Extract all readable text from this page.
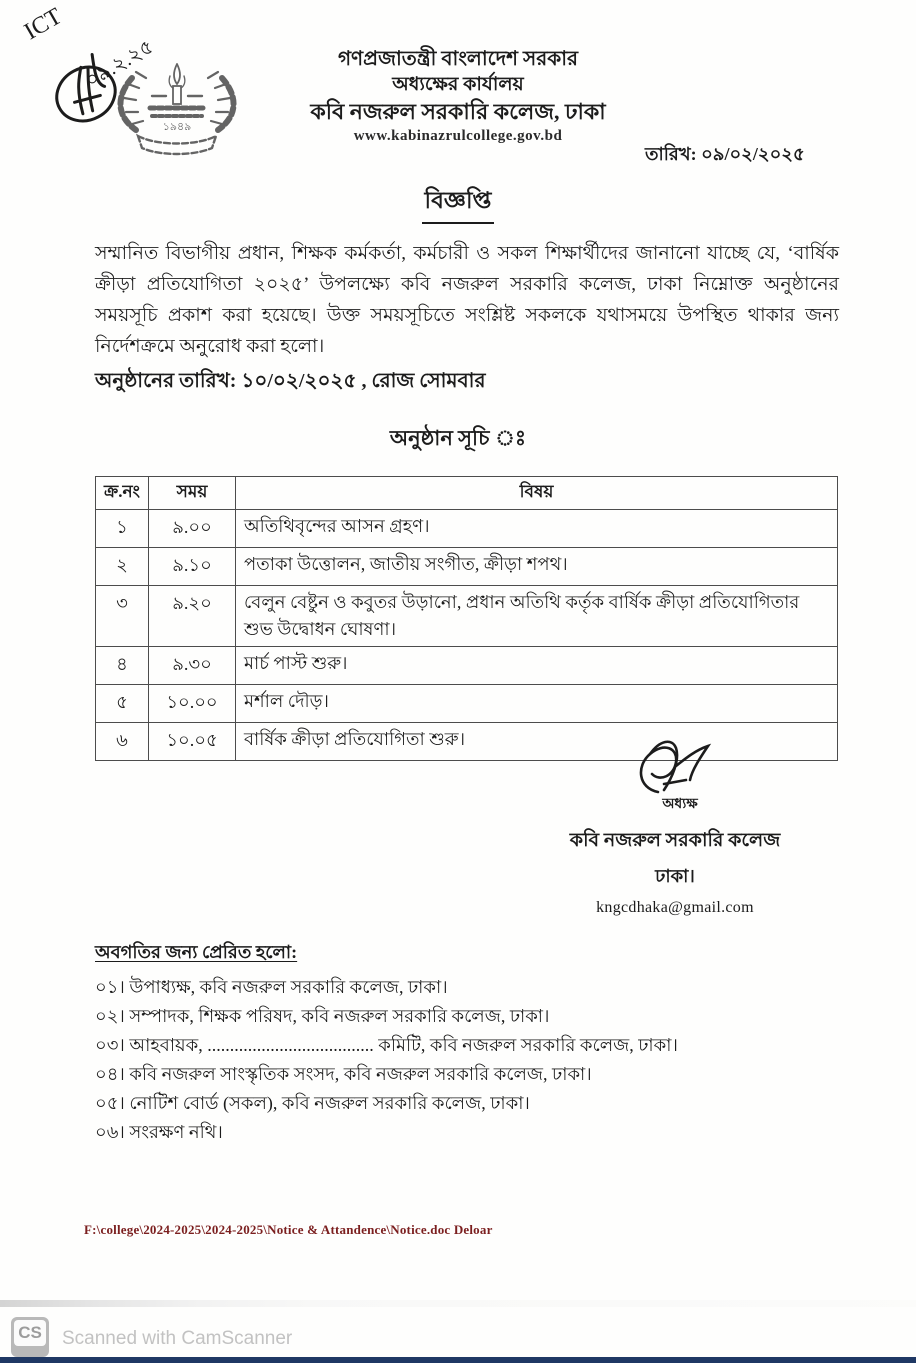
ICT
০৯.২.২৫
১৯৪৯
গণপ্রজাতন্ত্রী বাংলাদেশ সরকার
অধ্যক্ষের কার্যালয়
কবি নজরুল সরকারি কলেজ, ঢাকা
www.kabinazrulcollege.gov.bd
তারিখ: ০৯/০২/২০২৫
বিজ্ঞপ্তি
সম্মানিত বিভাগীয় প্রধান, শিক্ষক কর্মকর্তা, কর্মচারী ও সকল শিক্ষার্থীদের জানানো যাচ্ছে যে, ‘বার্ষিক ক্রীড়া প্রতিযোগিতা ২০২৫’ উপলক্ষ্যে কবি নজরুল সরকারি কলেজ, ঢাকা নিম্নোক্ত অনুষ্ঠানের সময়সূচি প্রকাশ করা হয়েছে। উক্ত সময়সূচিতে সংশ্লিষ্ট সকলকে যথাসময়ে উপস্থিত থাকার জন্য নির্দেশক্রমে অনুরোধ করা হলো।
অনুষ্ঠানের তারিখ: ১০/০২/২০২৫ , রোজ সোমবার
অনুষ্ঠান সূচি ঃ
ক্র.নং	সময়	বিষয়
১	৯.০০	অতিথিবৃন্দের আসন গ্রহণ।
২	৯.১০	পতাকা উত্তোলন, জাতীয় সংগীত, ক্রীড়া শপথ।
৩	৯.২০	বেলুন বেষ্টুন ও কবুতর উড়ানো, প্রধান অতিথি কর্তৃক বার্ষিক ক্রীড়া প্রতিযোগিতার শুভ উদ্বোধন ঘোষণা।
৪	৯.৩০	মার্চ পাস্ট শুরু।
৫	১০.০০	মর্শাল দৌড়।
৬	১০.০৫	বার্ষিক ক্রীড়া প্রতিযোগিতা শুরু।
অধ্যক্ষ
কবি নজরুল সরকারি কলেজ
ঢাকা।
kngcdhaka@gmail.com
অবগতির জন্য প্রেরিত হলো:
০১। উপাধ্যক্ষ, কবি নজরুল সরকারি কলেজ, ঢাকা।
০২। সম্পাদক, শিক্ষক পরিষদ, কবি নজরুল সরকারি কলেজ, ঢাকা।
০৩। আহবায়ক, ..................................... কমিটি, কবি নজরুল সরকারি কলেজ, ঢাকা।
০৪। কবি নজরুল সাংস্কৃতিক সংসদ, কবি নজরুল সরকারি কলেজ, ঢাকা।
০৫। নোটিশ বোর্ড (সকল), কবি নজরুল সরকারি কলেজ, ঢাকা।
০৬। সংরক্ষণ নথি।
F:\college\2024-2025\2024-2025\Notice & Attandence\Notice.doc Deloar
CS Scanned with CamScanner
